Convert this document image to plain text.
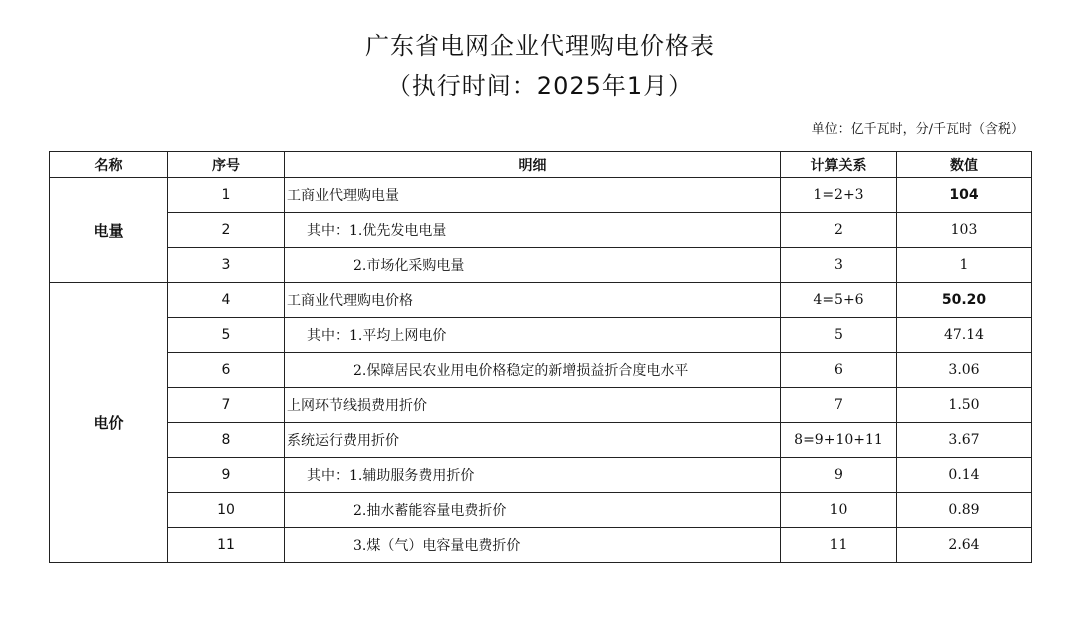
广东省电网企业代理购电价格表
（执行时间：2025年1月）
单位：亿千瓦时，分/千瓦时（含税）
名称	序号	明细	计算关系	数值
电量	1	工商业代理购电量	1=2+3	104
	2	其中：1.优先发电电量	2	103
	3	2.市场化采购电量	3	1
电价	4	工商业代理购电价格	4=5+6	50.20
	5	其中：1.平均上网电价	5	47.14
	6	2.保障居民农业用电价格稳定的新增损益折合度电水平	6	3.06
	7	上网环节线损费用折价	7	1.50
	8	系统运行费用折价	8=9+10+11	3.67
	9	其中：1.辅助服务费用折价	9	0.14
	10	2.抽水蓄能容量电费折价	10	0.89
	11	3.煤（气）电容量电费折价	11	2.64
